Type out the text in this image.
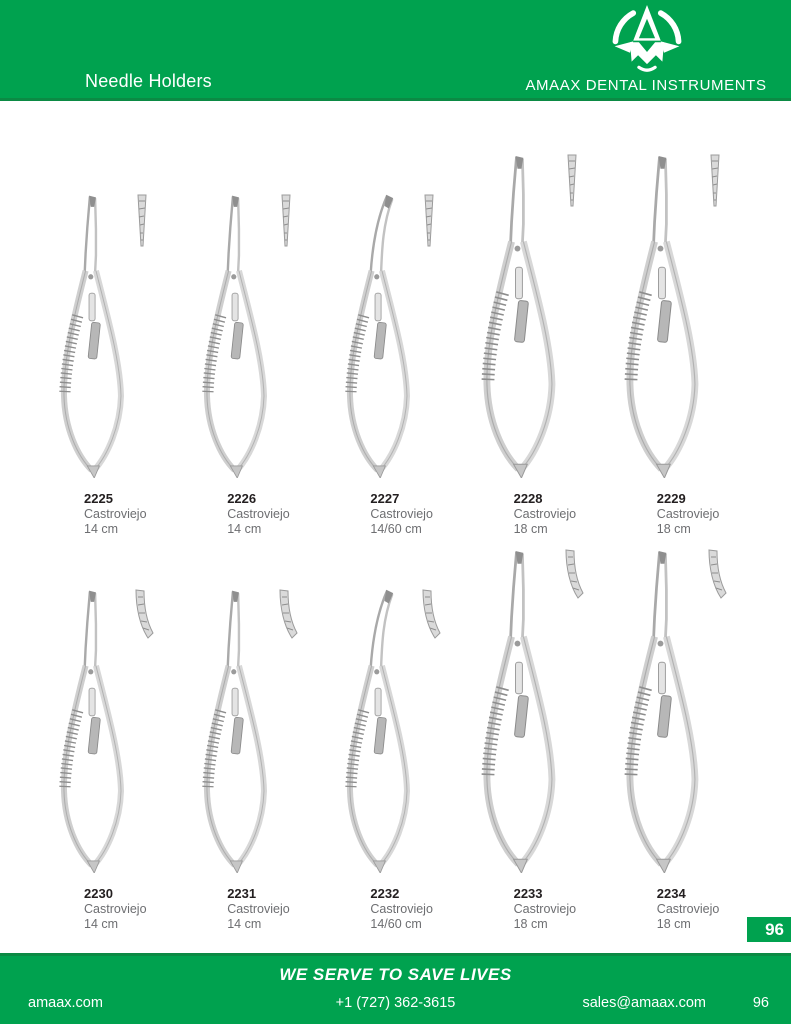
AMAAX DENTAL INSTRUMENTS
Needle Holders
2225
Castroviejo
14 cm
2226
Castroviejo
14 cm
2227
Castroviejo
14/60 cm
2228
Castroviejo
18 cm
2229
Castroviejo
18 cm
2230
Castroviejo
14 cm
2231
Castroviejo
14 cm
2232
Castroviejo
14/60 cm
2233
Castroviejo
18 cm
2234
Castroviejo
18 cm	96
WE SERVE TO SAVE LIVES
amaax.com	+1 (727) 362-3615	sales@amaax.com	96
